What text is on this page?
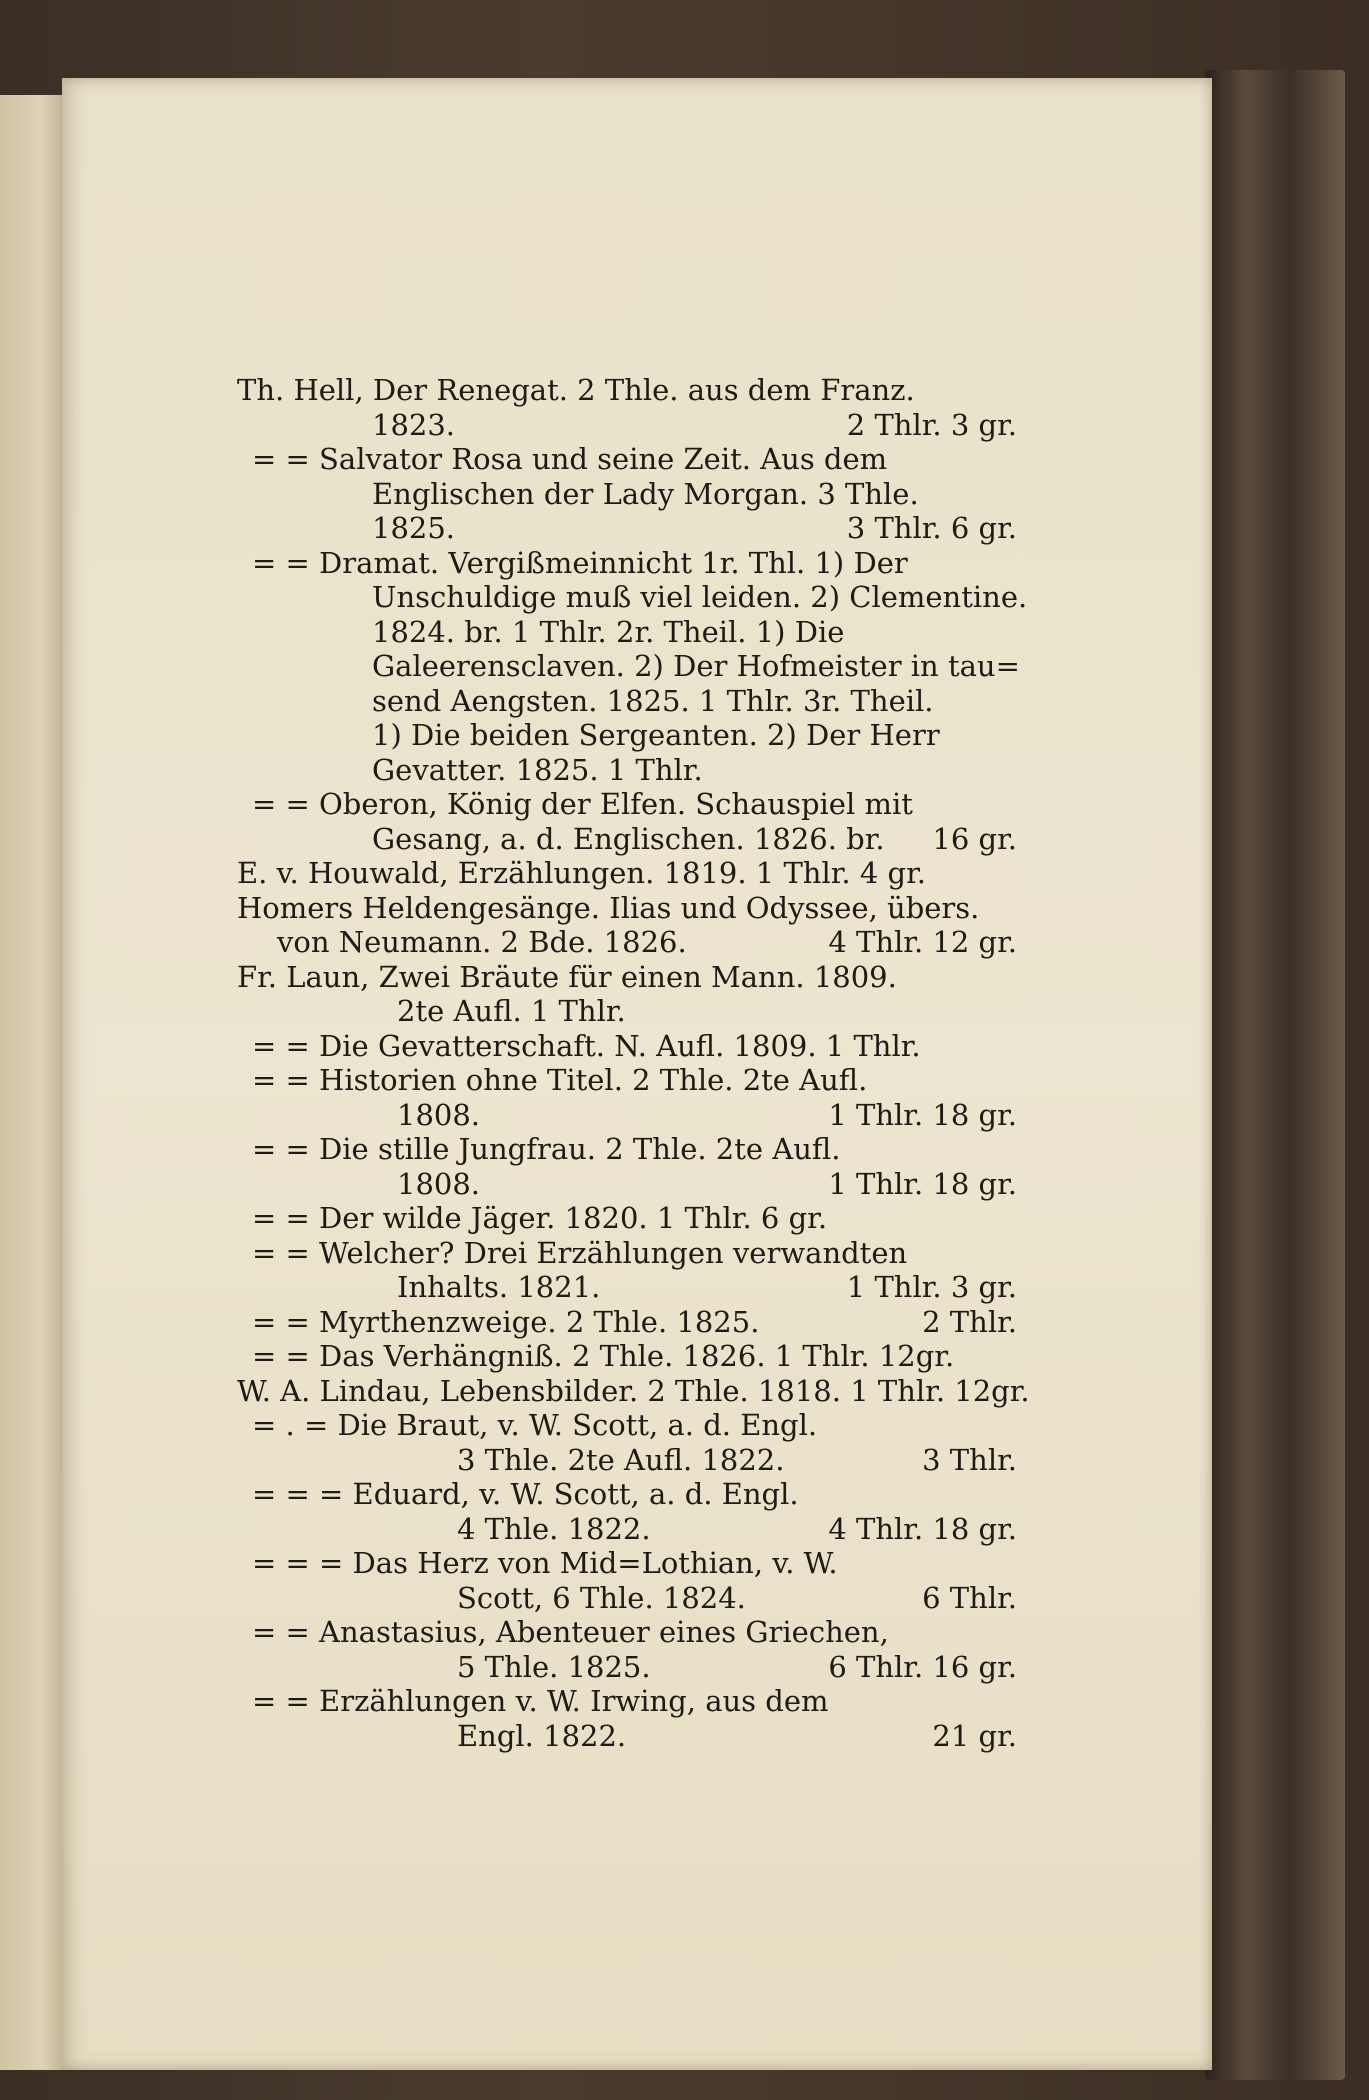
Th. Hell, Der Renegat. 2 Thle. aus dem Franz.
1823.	2 Thlr. 3 gr.
= = Salvator Rosa und seine Zeit. Aus dem
Englischen der Lady Morgan. 3 Thle.
1825.	3 Thlr. 6 gr.
= = Dramat. Vergißmeinnicht 1r. Thl. 1) Der
Unschuldige muß viel leiden. 2) Clementine.
1824. br. 1 Thlr. 2r. Theil. 1) Die
Galeerensclaven. 2) Der Hofmeister in tau=
send Aengsten. 1825. 1 Thlr. 3r. Theil.
1) Die beiden Sergeanten. 2) Der Herr
Gevatter. 1825. 1 Thlr.
= = Oberon, König der Elfen. Schauspiel mit
Gesang, a. d. Englischen. 1826. br. 16 gr.
E. v. Houwald, Erzählungen. 1819. 1 Thlr. 4 gr.
Homers Heldengesänge. Ilias und Odyssee, übers.
von Neumann. 2 Bde. 1826.	4 Thlr. 12 gr.
Fr. Laun, Zwei Bräute für einen Mann. 1809.
2te Aufl. 1 Thlr.
= = Die Gevatterschaft. N. Aufl. 1809. 1 Thlr.
= = Historien ohne Titel. 2 Thle. 2te Aufl.
1808.	1 Thlr. 18 gr.
= = Die stille Jungfrau. 2 Thle. 2te Aufl.
1808.	1 Thlr. 18 gr.
= = Der wilde Jäger. 1820. 1 Thlr. 6 gr.
= = Welcher? Drei Erzählungen verwandten
Inhalts. 1821.	1 Thlr. 3 gr.
= = Myrthenzweige. 2 Thle. 1825.	2 Thlr.
= = Das Verhängniß. 2 Thle. 1826. 1 Thlr. 12gr.
W. A. Lindau, Lebensbilder. 2 Thle. 1818. 1 Thlr. 12gr.
= . = Die Braut, v. W. Scott, a. d. Engl.
3 Thle. 2te Aufl. 1822.	3 Thlr.
= = = Eduard, v. W. Scott, a. d. Engl.
4 Thle. 1822.	4 Thlr. 18 gr.
= = = Das Herz von Mid=Lothian, v. W.
Scott, 6 Thle. 1824.	6 Thlr.
= = Anastasius, Abenteuer eines Griechen,
5 Thle. 1825.	6 Thlr. 16 gr.
= = Erzählungen v. W. Irwing, aus dem
Engl. 1822.	21 gr.
